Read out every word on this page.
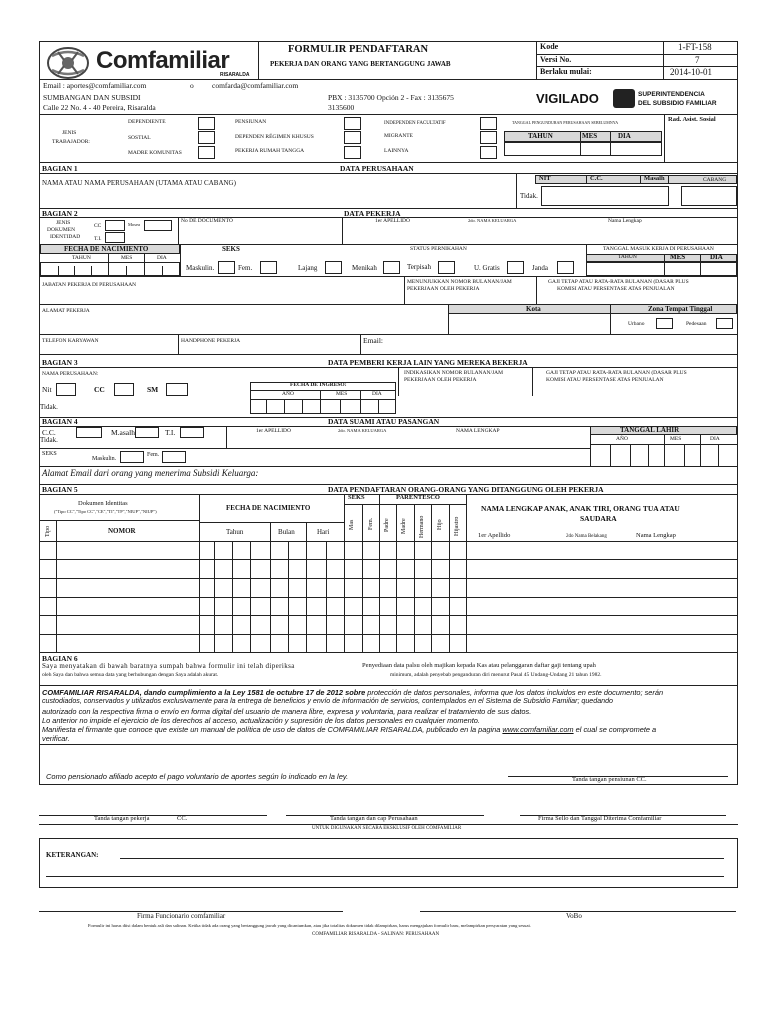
Comfamiliar
RISARALDA
FORMULIR PENDAFTARAN
PEKERJA DAN ORANG YANG BERTANGGUNG JAWAB
Kode	1-FT-158
Versi No.	7
Berlaku mulai:	2014-10-01
Email : aportes@comfamiliar.com	o comfarda@comfamiliar.com
SUMBANGAN DAN SUBSIDI
Calle 22 No. 4 - 40 Pereira, Risaralda
PBX : 3135700 Opción 2 - Fax : 3135675
3135600
VIGILADO	SUPERINTENDENCIA
DEL SUBSIDIO FAMILIAR
JENIS
TRABAJADOR:
DEPENDIENTE
SOSTIAL
MADRE KOMUNITAS
PENSIUNAN
DEPENDEN RÉGIMEN KHUSUS
PEKERJA RUMAH TANGGA
INDEPENDEN FACULTATIF
MIGRANTE
LAINNYA
TANGGAL PENGUNDURAN PERUSAHAAN SEBELUMNYA
TAHUN	MES	DIA
Rad. Asist. Sosial
BAGIAN 1	DATA PERUSAHAAN
NAMA ATAU NAMA PERUSAHAAN (UTAMA ATAU CABANG)
NIT	C.C.	Masalh	CABANG
Tidak.
BAGIAN 2	DATA PEKERJA
JENIS
DOKUMEN
IDENTIDAD
CC	Mosea
T.I.
No DE DOCUMENTO	1er APELLIDO	2do. NAMA KELUARGA	Nama Lengkap
FECHA DE NACIMIENTO
TAHUN	MES	DIA
SEKS
Maskulin.	Fem.
STATUS PERNIKAHAN
Lajang	Menikah	Terpisah	U. Gratis	Janda
TANGGAL MASUK KERJA DI PERUSAHAAN
TAHUN	MES	DIA
JABATAN PEKERJA DI PERUSAHAAN	MENUNJUKKAN NOMOR BULANAN/JAM
PEKERJAAN OLEH PEKERJA
GAJI TETAP ATAU RATA-RATA BULANAN (DASAR PLUS
KOMISI ATAU PERSENTASE ATAS PENJUALAN
ALAMAT PEKERJA	Kota	Zona Tempat Tinggal
Urbano	Pedesaan
TELEFON KARYAWAN	HANDPHONE PEKERJA	Email:
BAGIAN 3	DATA PEMBERI KERJA LAIN YANG MEREKA BEKERJA
NAMA PERUSAHAAN:	INDIKASIKAN NOMOR BULANAN/JAM
PEKERJAAN OLEH PEKERJA
GAJI TETAP ATAU RATA-RATA BULANAN (DASAR PLUS
KOMISI ATAU PERSENTASE ATAS PENJUALAN
Nit	CC	SM
Tidak.
FECHA DE INGRESO:
AÑO	MES	DIA
BAGIAN 4	DATA SUAMI ATAU PASANGAN
C.C.	M.asalh	T.I.
Tidak.
1er APELLIDO	2do. NAMA KELUARGA	NAMA LENGKAP	TANGGAL LAHIR
AÑO	MES	DIA
SEKS
Maskulin.
Fem.
Alamat Email dari orang yang menerima Subsidi Keluarga:
BAGIAN 5	DATA PENDAFTARAN ORANG-ORANG YANG DITANGGUNG OLEH PEKERJA
Dokumen Identitas
("Tipo CC","Tipo CC","CE","TI","TP","NIUP","NIUP")
Tipo	NOMOR
FECHA DE NACIMIENTO
Tahun	Bulan	Hari
SEKS	PARENTESCO
Mas Fem. Padre Madre Hermano Hijo Hijastro
NAMA LENGKAP ANAK, ANAK TIRI, ORANG TUA ATAU
SAUDARA
1er Apellido	2do Nama Belakang	Nama Lengkap
BAGIAN 6
Saya menyatakan di bawah baratnya sumpah bahwa formulir ini telah diperiksa
oleh Saya dan bahwa semua data yang berhubungan dengan Saya adalah akurat.
Penyediaan data palsu oleh majikan kepada Kas atau pelanggaran daftar gaji tentang upah
minimum, adalah penyebab penganduran diri menurut Pasal 45 Undang-Undang 21 tahun 1982.
COMFAMILIAR RISARALDA, dando cumplimiento a la Ley 1581 de octubre 17 de 2012 sobre protección de datos personales, informa que los datos incluidos en este documento; serán
custodiados, conservados y utilizados exclusivamente para la entrega de beneficios y envío de información de servicios, contemplados en el Sistema de Subsidio Familiar; quedando
autorizado con la respectiva firma o envío en forma digital del usuario de manera libre, expresa y voluntaria, para realizar el tratamiento de sus datos.
Lo anterior no impide el ejercicio de los derechos al acceso, actualización y supresión de los datos personales en cualquier momento.
Manifiesta el firmante que conoce que existe un manual de política de uso de datos de COMFAMILIAR RISARALDA, publicado en la pagina www.comfamiliar.com el cual se compromete a
verificar.
Como pensionado afiliado acepto el pago voluntario de aportes según lo indicado en la ley.	Tanda tangan pensiunan CC.
Tanda tangan pekerja	CC.	Tanda tangan dan cap Perusahaan	Firma Sello dan Tanggal Diterima Comfamiliar
UNTUK DIGUNAKAN SECARA EKSKLUSIF OLEH COMFAMILIAR
KETERANGAN:
Firma Funcionario comfamiliar	VoBo
Formulir ini harus diisi dalam bentuk asli dan salinan. Ketika tidak ada orang yang bertanggung jawab yang dicantumkan, atau jika totalitas dokumen tidak dilampirkan, harus mengajukan formulir baru, melampirkan persyaratan yang sesuai.
COMFAMILIAR RISARALDA - SALINAN: PERUSAHAAN
